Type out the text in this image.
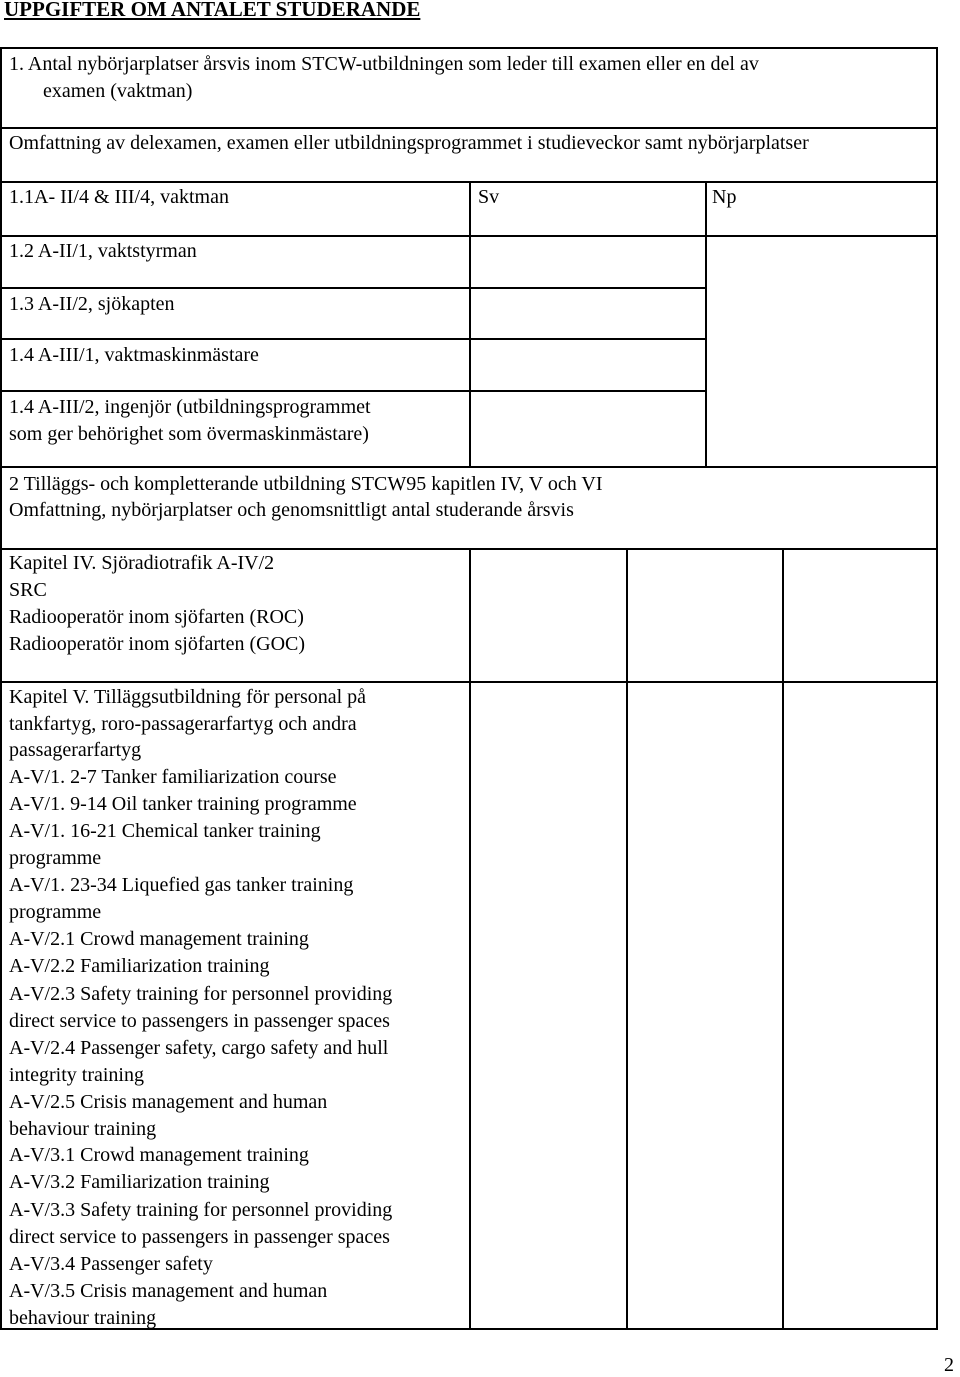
UPPGIFTER OM ANTALET STUDERANDE
1. Antal nybörjarplatser årsvis inom STCW-utbildningen som leder till examen eller en del av
examen (vaktman)
Omfattning av delexamen, examen eller utbildningsprogrammet i studieveckor samt nybörjarplatser
Sv	Np
1.1A- II/4 & III/4, vaktman
1.2 A-II/1, vaktstyrman
1.3 A-II/2, sjökapten
1.4 A-III/1, vaktmaskinmästare
1.4 A-III/2, ingenjör (utbildningsprogrammet
som ger behörighet som övermaskinmästare)
2 Tilläggs- och kompletterande utbildning STCW95 kapitlen IV, V och VI
Omfattning, nybörjarplatser och genomsnittligt antal studerande årsvis
Kapitel IV. Sjöradiotrafik A-IV/2
SRC
Radiooperatör inom sjöfarten (ROC)
Radiooperatör inom sjöfarten (GOC)
Kapitel V. Tilläggsutbildning för personal på
tankfartyg, roro-passagerarfartyg och andra
passagerarfartyg
A-V/1. 2-7 Tanker familiarization course
A-V/1. 9-14 Oil tanker training programme
A-V/1. 16-21 Chemical tanker training
programme
A-V/1. 23-34 Liquefied gas tanker training
programme
A-V/2.1 Crowd management training
A-V/2.2 Familiarization training
A-V/2.3 Safety training for personnel providing
direct service to passengers in passenger spaces
A-V/2.4 Passenger safety, cargo safety and hull
integrity training
A-V/2.5 Crisis management and human
behaviour training
A-V/3.1 Crowd management training
A-V/3.2 Familiarization training
A-V/3.3 Safety training for personnel providing
direct service to passengers in passenger spaces
A-V/3.4 Passenger safety
A-V/3.5 Crisis management and human
behaviour training
2
